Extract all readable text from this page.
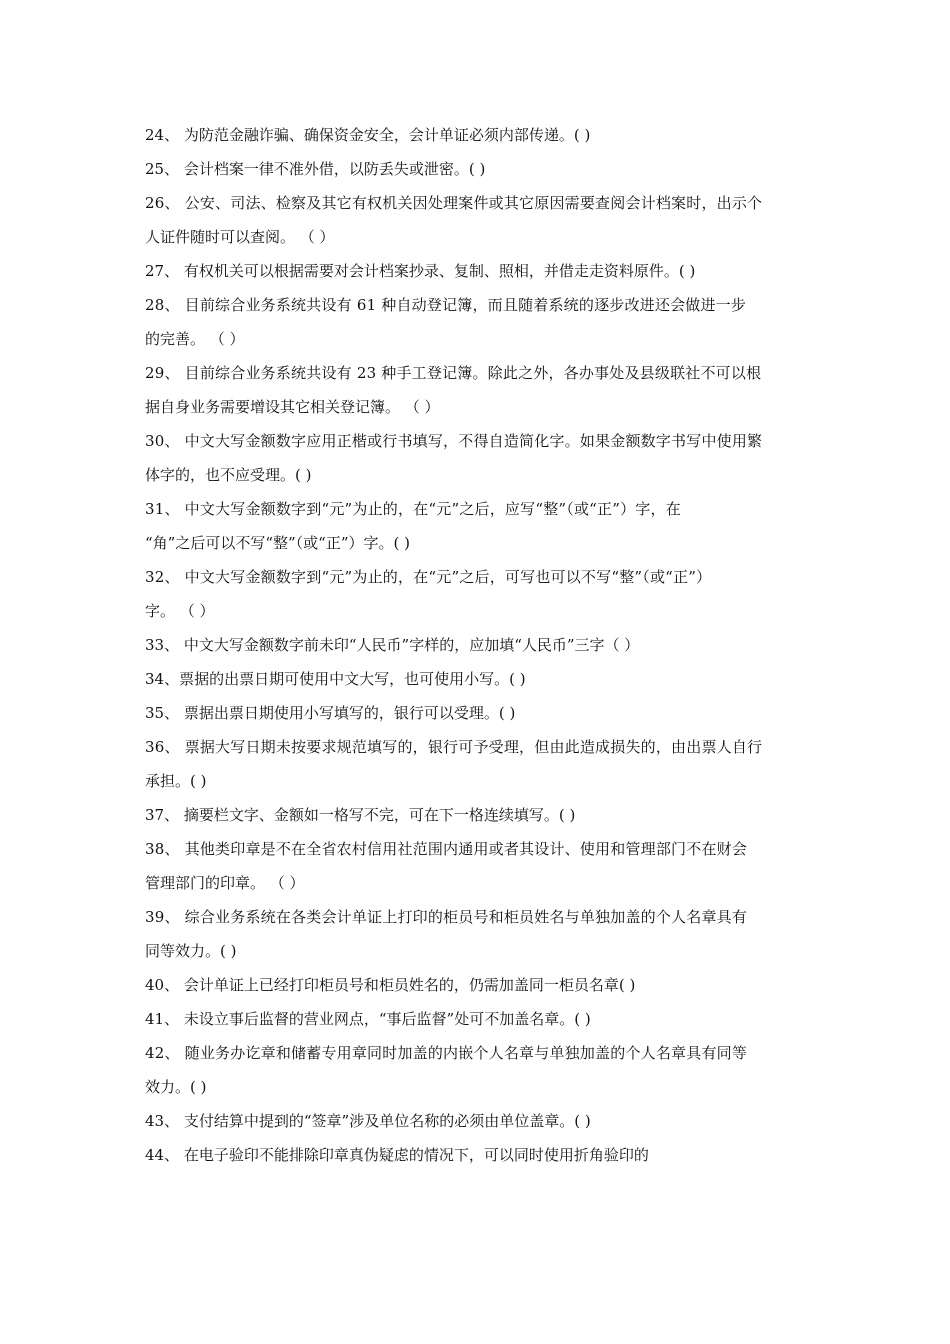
24、 为防范金融诈骗、确保资金安全，会计单证必须内部传递。( )
25、 会计档案一律不准外借，以防丢失或泄密。( )
26、 公安、司法、检察及其它有权机关因处理案件或其它原因需要查阅会计档案时，出示个
人证件随时可以查阅。 （ ）
27、 有权机关可以根据需要对会计档案抄录、复制、照相，并借走走资料原件。( )
28、 目前综合业务系统共设有 61 种自动登记簿，而且随着系统的逐步改进还会做进一步
的完善。 （ ）
29、 目前综合业务系统共设有 23 种手工登记簿。除此之外，各办事处及县级联社不可以根
据自身业务需要增设其它相关登记簿。 （ ）
30、 中文大写金额数字应用正楷或行书填写，不得自造简化字。如果金额数字书写中使用繁
体字的，也不应受理。( )
31、 中文大写金额数字到“元”为止的，在“元”之后，应写“整”（或“正”）字，在
“角”之后可以不写“整”（或“正”）字。( )
32、 中文大写金额数字到“元”为止的，在“元”之后，可写也可以不写“整”（或“正”）
字。 （ ）
33、 中文大写金额数字前未印“人民币”字样的，应加填“人民币”三字（ ）
34、票据的出票日期可使用中文大写，也可使用小写。( )
35、 票据出票日期使用小写填写的，银行可以受理。( )
36、 票据大写日期未按要求规范填写的，银行可予受理，但由此造成损失的，由出票人自行
承担。( )
37、 摘要栏文字、金额如一格写不完，可在下一格连续填写。( )
38、 其他类印章是不在全省农村信用社范围内通用或者其设计、使用和管理部门不在财会
管理部门的印章。 （ ）
39、 综合业务系统在各类会计单证上打印的柜员号和柜员姓名与单独加盖的个人名章具有
同等效力。( )
40、 会计单证上已经打印柜员号和柜员姓名的，仍需加盖同一柜员名章( )
41、 未设立事后监督的营业网点，“事后监督”处可不加盖名章。( )
42、 随业务办讫章和储蓄专用章同时加盖的内嵌个人名章与单独加盖的个人名章具有同等
效力。( )
43、 支付结算中提到的“签章”涉及单位名称的必须由单位盖章。( )
44、 在电子验印不能排除印章真伪疑虑的情况下，可以同时使用折角验印的
